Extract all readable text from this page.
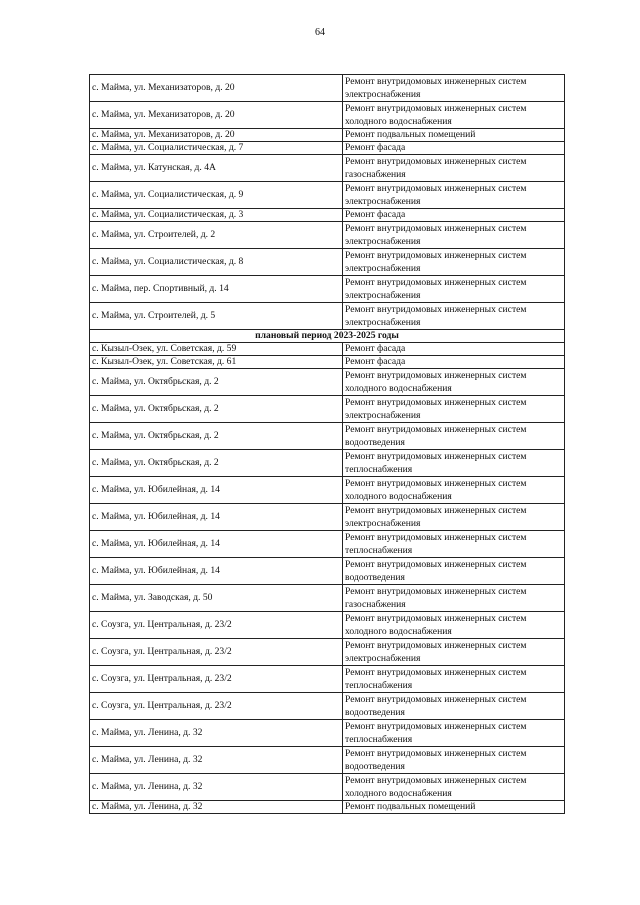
64
с. Майма, ул. Механизаторов, д. 20	Ремонт внутридомовых инженерных систем
электроснабжения

с. Майма, ул. Механизаторов, д. 20	Ремонт внутридомовых инженерных систем
холодного водоснабжения

с. Майма, ул. Механизаторов, д. 20	Ремонт подвальных помещений

с. Майма, ул. Социалистическая, д. 7	Ремонт фасада

с. Майма, ул. Катунская, д. 4А	Ремонт внутридомовых инженерных систем
газоснабжения

с. Майма, ул. Социалистическая, д. 9	Ремонт внутридомовых инженерных систем
электроснабжения

с. Майма, ул. Социалистическая, д. 3	Ремонт фасада

с. Майма, ул. Строителей, д. 2	Ремонт внутридомовых инженерных систем
электроснабжения

с. Майма, ул. Социалистическая, д. 8	Ремонт внутридомовых инженерных систем
электроснабжения

с. Майма, пер. Спортивный, д. 14	Ремонт внутридомовых инженерных систем
электроснабжения

с. Майма, ул. Строителей, д. 5	Ремонт внутридомовых инженерных систем
электроснабжения

плановый период 2023-2025 годы	
с. Кызыл-Озек, ул. Советская, д. 59	Ремонт фасада

с. Кызыл-Озек, ул. Советская, д. 61	Ремонт фасада

с. Майма, ул. Октябрьская, д. 2	Ремонт внутридомовых инженерных систем
холодного водоснабжения

с. Майма, ул. Октябрьская, д. 2	Ремонт внутридомовых инженерных систем
электроснабжения

с. Майма, ул. Октябрьская, д. 2	Ремонт внутридомовых инженерных систем
водоотведения

с. Майма, ул. Октябрьская, д. 2	Ремонт внутридомовых инженерных систем
теплоснабжения

с. Майма, ул. Юбилейная, д. 14	Ремонт внутридомовых инженерных систем
холодного водоснабжения

с. Майма, ул. Юбилейная, д. 14	Ремонт внутридомовых инженерных систем
электроснабжения

с. Майма, ул. Юбилейная, д. 14	Ремонт внутридомовых инженерных систем
теплоснабжения

с. Майма, ул. Юбилейная, д. 14	Ремонт внутридомовых инженерных систем
водоотведения

с. Майма, ул. Заводская, д. 50	Ремонт внутридомовых инженерных систем
газоснабжения

с. Соузга, ул. Центральная, д. 23/2	Ремонт внутридомовых инженерных систем
холодного водоснабжения

с. Соузга, ул. Центральная, д. 23/2	Ремонт внутридомовых инженерных систем
электроснабжения

с. Соузга, ул. Центральная, д. 23/2	Ремонт внутридомовых инженерных систем
теплоснабжения

с. Соузга, ул. Центральная, д. 23/2	Ремонт внутридомовых инженерных систем
водоотведения

с. Майма, ул. Ленина, д. 32	Ремонт внутридомовых инженерных систем
теплоснабжения

с. Майма, ул. Ленина, д. 32	Ремонт внутридомовых инженерных систем
водоотведения

с. Майма, ул. Ленина, д. 32	Ремонт внутридомовых инженерных систем
холодного водоснабжения

с. Майма, ул. Ленина, д. 32	Ремонт подвальных помещений
